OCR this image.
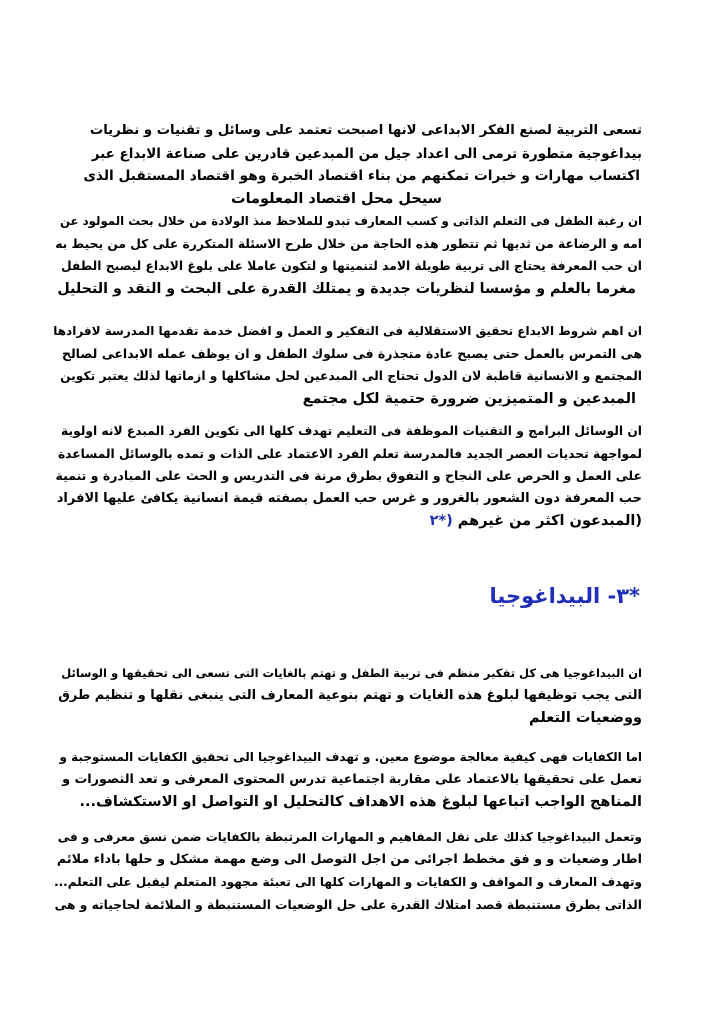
تسعى التربية لصنع الفكر الابداعى لانها اصبحت تعتمد على وسائل و تقنيات و نظريات
بيداغوجية متطورة ترمى الى اعداد جيل من المبدعين قادرين على صناعة الابداع عبر
اكتساب مهارات و خبرات تمكنهم من بناء اقتصاد الخبرة وهو اقتصاد المستقبل الذى
سيحل محل اقتصاد المعلومات
ان رغبة الطفل فى التعلم الذاتى و كسب المعارف تبدو للملاحظ منذ الولادة من خلال بحث المولود عن
امه و الرضاعة من ثديها ثم تتطور هذه الحاجة من خلال طرح الاسئلة المتكررة على كل من يحيط به
ان حب المعرفة يحتاج الى تربية طويلة الامد لتنميتها و لتكون عاملا على بلوغ الابداع ليصبح الطفل
مغرما بالعلم و مؤسسا لنظريات جديدة و يمتلك القدرة على البحث و النقد و التحليل
ان اهم شروط الابداع تحقيق الاستقلالية فى التفكير و العمل و افضل خدمة تقدمها المدرسة لافرادها
هى التمرس بالعمل حتى يصبح عادة متجذرة فى سلوك الطفل و ان يوظف عمله الابداعى لصالح
المجتمع و الانسانية قاطبة لان الدول تحتاج الى المبدعين لحل مشاكلها و ازماتها لذلك يعتبر تكوين
المبدعين و المتميزين ضرورة حتمية لكل مجتمع
ان الوسائل البرامج و التقنيات الموظفة فى التعليم تهدف كلها الى تكوين الفرد المبدع لانه اولوية
لمواجهة تحديات العصر الجديد فالمدرسة تعلم الفرد الاعتماد على الذات و تمده بالوسائل المساعدة
على العمل و الحرص على النجاح و التفوق بطرق مرنة فى التدريس و الحث على المبادرة و تنمية
حب المعرفة دون الشعور بالغرور و غرس حب العمل بصفته قيمة انسانية يكافئ عليها الافراد
(المبدعون اكثر من غيرهم (*٢
*٣- البيداغوجيا
ان البيداغوجيا هى كل تفكير منظم فى تربية الطفل و تهتم بالغايات التى تسعى الى تحقيقها و الوسائل
التى يجب توظيفها لبلوغ هذه الغايات و تهتم بنوعية المعارف التى ينبغى نقلها و تنظيم طرق
ووضعيات التعلم
اما الكفايات فهى كيفية معالجة موضوع معين. و تهدف البيداغوجيا الى تحقيق الكفايات المستوجبة و
تعمل على تحقيقها بالاعتماد على مقاربة اجتماعية تدرس المحتوى المعرفى و تعد التصورات و
المناهج الواجب اتباعها لبلوغ هذه الاهداف كالتحليل او التواصل او الاستكشاف...
وتعمل البيداغوجيا كذلك على نقل المفاهيم و المهارات المرتبطة بالكفايات ضمن نسق معرفى و فى
اطار وضعيات و و فق مخطط اجرائى من اجل التوصل الى وضع مهمة مشكل و حلها باداء ملائم
وتهدف المعارف و المواقف و الكفايات و المهارات كلها الى تعبئة مجهود المتعلم ليقبل على التعلم...
الذاتى بطرق مستنبطة قصد امتلاك القدرة على حل الوضعيات المستنبطة و الملائمة لحاجياته و هى
